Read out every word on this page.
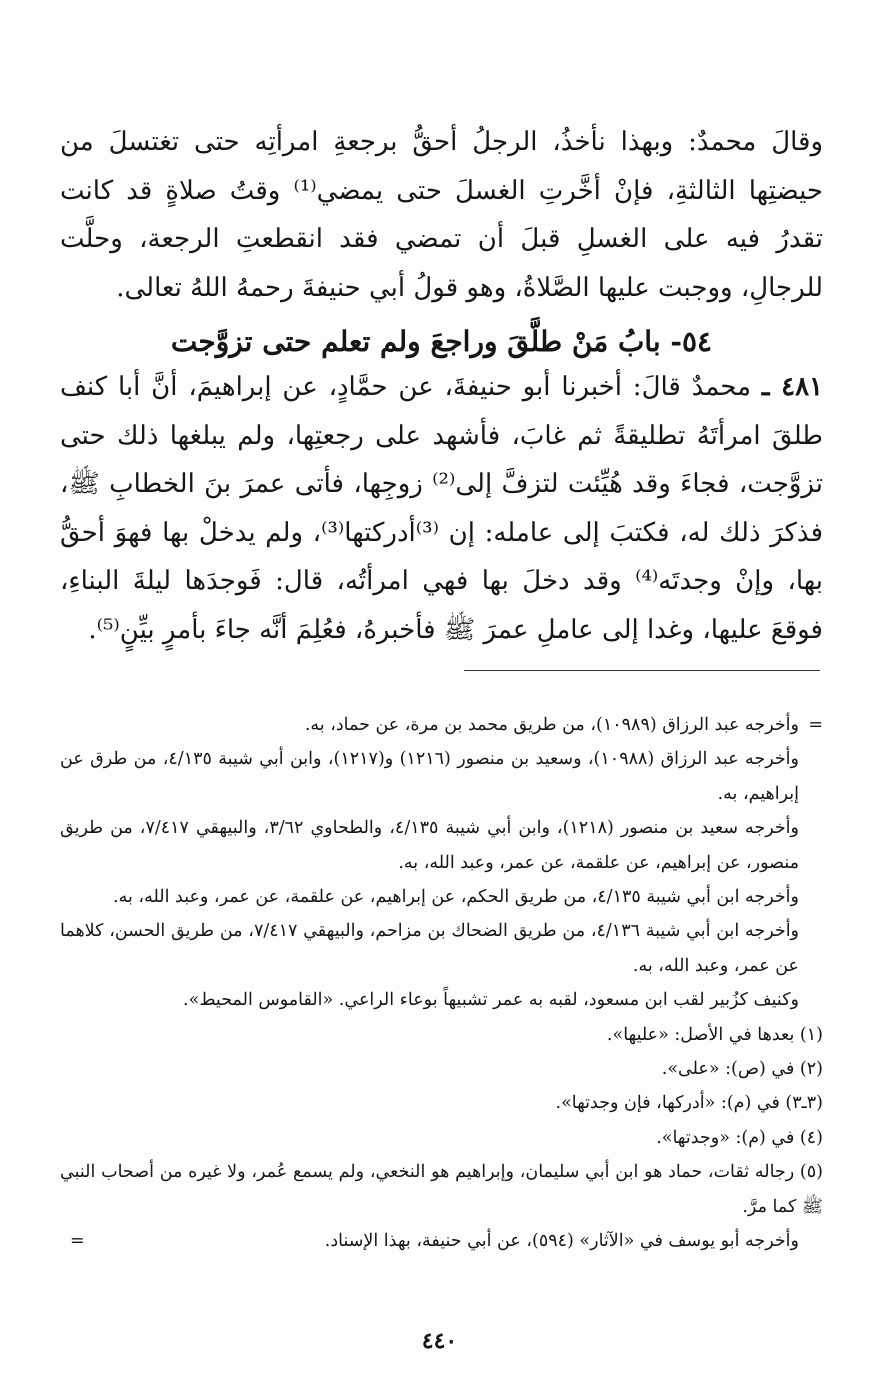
وقالَ محمدٌ: وبهذا نأخذُ، الرجلُ أحقُّ برجعةِ امرأتِه حتى تغتسلَ من حيضتِها الثالثةِ، فإنْ أخَّرتِ الغسلَ حتى يمضي⁽¹⁾ وقتُ صلاةٍ قد كانت تقدرُ فيه على الغسلِ قبلَ أن تمضي فقد انقطعتِ الرجعة، وحلَّت للرجالِ، ووجبت عليها الصَّلاةُ، وهو قولُ أبي حنيفةَ رحمهُ اللهُ تعالى.

٥٤- بابُ مَنْ طلَّقَ وراجعَ ولم تعلم حتى تزوَّجت

٤٨١ ـ محمدٌ قالَ: أخبرنا أبو حنيفةَ، عن حمَّادٍ، عن إبراهيمَ، أنَّ أبا كنف طلقَ امرأتَهُ تطليقةً ثم غابَ، فأشهد على رجعتِها، ولم يبلغها ذلك حتى تزوَّجت، فجاءَ وقد هُيِّئت لتزفَّ إلى⁽²⁾ زوجِها، فأتى عمرَ بنَ الخطابِ ﷺ، فذكرَ ذلك له، فكتبَ إلى عامله: إن ⁽³⁾أدركتها⁽³⁾، ولم يدخلْ بها فهوَ أحقُّ بها، وإنْ وجدتَه⁽⁴⁾ وقد دخلَ بها فهي امرأتُه، قال: فَوجدَها ليلةَ البناءِ، فوقعَ عليها، وغدا إلى عاملِ عمرَ ﷺ فأخبرهُ، فعُلِمَ أنَّه جاءَ بأمرٍ بيِّنٍ⁽⁵⁾.

=
وأخرجه عبد الرزاق (١٠٩٨٩)، من طريق محمد بن مرة، عن حماد، به.

وأخرجه عبد الرزاق (١٠٩٨٨)، وسعيد بن منصور (١٢١٦) و(١٢١٧)، وابن أبي شيبة ٤/١٣٥، من طرق عن إبراهيم، به.

وأخرجه سعيد بن منصور (١٢١٨)، وابن أبي شيبة ٤/١٣٥، والطحاوي ٣/٦٢، والبيهقي ٧/٤١٧، من طريق منصور، عن إبراهيم، عن علقمة، عن عمر، وعبد الله، به.

وأخرجه ابن أبي شيبة ٤/١٣٥، من طريق الحكم، عن إبراهيم، عن علقمة، عن عمر، وعبد الله، به.

وأخرجه ابن أبي شيبة ٤/١٣٦، من طريق الضحاك بن مزاحم، والبيهقي ٧/٤١٧، من طريق الحسن، كلاهما عن عمر، وعبد الله، به.

وكنيف كزُبير لقب ابن مسعود، لقبه به عمر تشبيهاً بوعاء الراعي. «القاموس المحيط».

(١) بعدها في الأصل: «عليها».

(٢) في (ص): «على».

(٣ـ٣) في (م): «أدركها، فإن وجدتها».

(٤) في (م): «وجدتها».

(٥) رجاله ثقات، حماد هو ابن أبي سليمان، وإبراهيم هو النخعي، ولم يسمع عُمر، ولا غيره من أصحاب النبي ﷺ كما مرَّ.

وأخرجه أبو يوسف في «الآثار» (٥٩٤)، عن أبي حنيفة، بهذا الإسناد.
=

٤٤٠
